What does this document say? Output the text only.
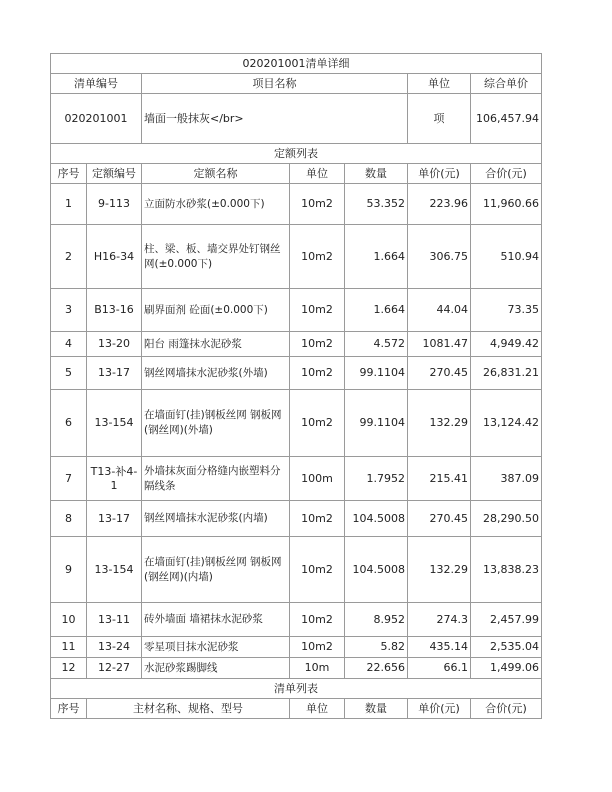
020201001清单详细						
清单编号		项目名称			单位	综合单价
020201001		墙面一般抹灰</br>			项	106,457.94
定额列表						
序号	定额编号	定额名称	单位	数量	单价(元)	合价(元)
1	9-113	立面防水砂浆(±0.000下)	10m2	53.352	223.96	11,960.66
2	H16-34	柱、梁、板、墙交界处钉钢丝网(±0.000下)	10m2	1.664	306.75	510.94
3	B13-16	刷界面剂 砼面(±0.000下)	10m2	1.664	44.04	73.35
4	13-20	阳台 雨篷抹水泥砂浆	10m2	4.572	1081.47	4,949.42
5	13-17	钢丝网墙抹水泥砂浆(外墙)	10m2	99.1104	270.45	26,831.21
6	13-154	在墙面钉(挂)钢板丝网 钢板网(钢丝网)(外墙)	10m2	99.1104	132.29	13,124.42
7	T13-补4-1	外墙抹灰面分格缝内嵌塑料分隔线条	100m	1.7952	215.41	387.09
8	13-17	钢丝网墙抹水泥砂浆(内墙)	10m2	104.5008	270.45	28,290.50
9	13-154	在墙面钉(挂)钢板丝网 钢板网(钢丝网)(内墙)	10m2	104.5008	132.29	13,838.23
10	13-11	砖外墙面 墙裙抹水泥砂浆	10m2	8.952	274.3	2,457.99
11	13-24	零星项目抹水泥砂浆	10m2	5.82	435.14	2,535.04
12	12-27	水泥砂浆踢脚线	10m	22.656	66.1	1,499.06
清单列表						
序号	主材名称、规格、型号		单位	数量	单价(元)	合价(元)
